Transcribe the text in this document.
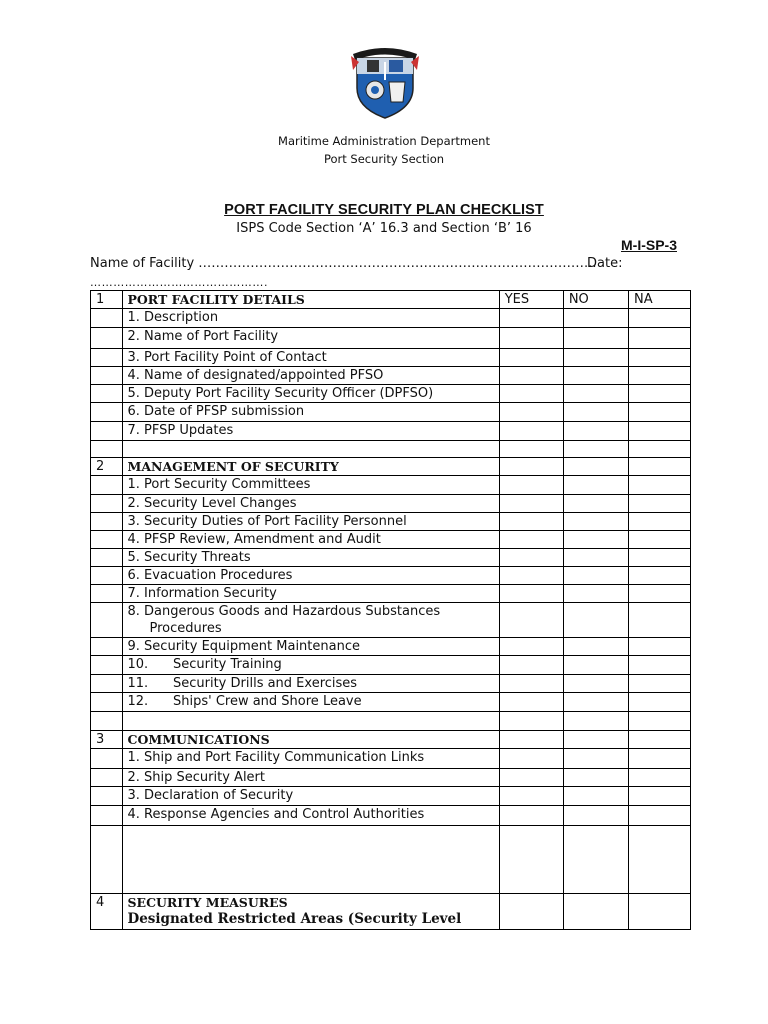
Maritime Administration Department
Port Security Section
PORT FACILITY SECURITY PLAN CHECKLIST
ISPS Code Section ‘A’ 16.3 and Section ‘B’ 16
M-I-SP-3
Name of Facility ………………………………………………………………………………..
Date:
……………………………………….
1	PORT FACILITY DETAILS	YES	NO	NA
	1. Description			
	2. Name of Port Facility			
	3. Port Facility Point of Contact			
	4. Name of designated/appointed PFSO			
	5. Deputy Port Facility Security Officer (DPFSO)			
	6. Date of PFSP submission			
	7. PFSP Updates			

2	MANAGEMENT OF SECURITY			
	1. Port Security Committees			
	2. Security Level Changes			
	3. Security Duties of Port Facility Personnel			
	4. PFSP Review, Amendment and Audit			
	5. Security Threats			
	6. Evacuation Procedures			
	7. Information Security			
	8. Dangerous Goods and Hazardous Substances
Procedures			

	9. Security Equipment Maintenance			
	10.      Security Training			
	11.      Security Drills and Exercises			
	12.      Ships' Crew and Shore Leave			

3	COMMUNICATIONS			
	1. Ship and Port Facility Communication Links			
	2. Ship Security Alert			
	3. Declaration of Security			
	4. Response Agencies and Control Authorities			

4	SECURITY MEASURES
Designated Restricted Areas (Security Level			
